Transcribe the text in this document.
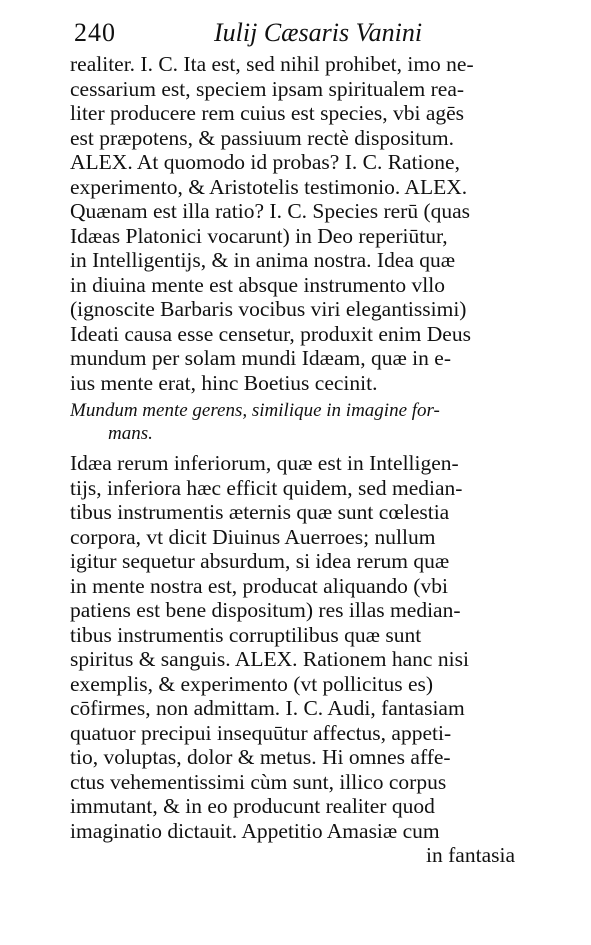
240	Iulij Cæsaris Vanini
realiter. I. C. Ita est, sed nihil prohibet, imo ne-
cessarium est, speciem ipsam spiritualem rea-
liter producere rem cuius est species, vbi agēs
est præpotens, & passiuum rectè dispositum.
ALEX. At quomodo id probas? I. C. Ratione,
experimento, & Aristotelis testimonio. ALEX.
Quænam est illa ratio? I. C. Species rerū (quas
Idæas Platonici vocarunt) in Deo reperiūtur,
in Intelligentijs, & in anima nostra. Idea quæ
in diuina mente est absque instrumento vllo
(ignoscite Barbaris vocibus viri elegantissimi)
Ideati causa esse censetur, produxit enim Deus
mundum per solam mundi Idæam, quæ in e-
ius mente erat, hinc Boetius cecinit.
Mundum mente gerens, similique in imagine for-
mans.
Idæa rerum inferiorum, quæ est in Intelligen-
tijs, inferiora hæc efficit quidem, sed median-
tibus instrumentis æternis quæ sunt cœlestia
corpora, vt dicit Diuinus Auerroes; nullum
igitur sequetur absurdum, si idea rerum quæ
in mente nostra est, producat aliquando (vbi
patiens est bene dispositum) res illas median-
tibus instrumentis corruptilibus quæ sunt
spiritus & sanguis. ALEX. Rationem hanc nisi
exemplis, & experimento (vt pollicitus es)
cōfirmes, non admittam. I. C. Audi, fantasiam
quatuor precipui insequūtur affectus, appeti-
tio, voluptas, dolor & metus. Hi omnes affe-
ctus vehementissimi cùm sunt, illico corpus
immutant, & in eo producunt realiter quod
imaginatio dictauit. Appetitio Amasiæ cum
in fantasia
